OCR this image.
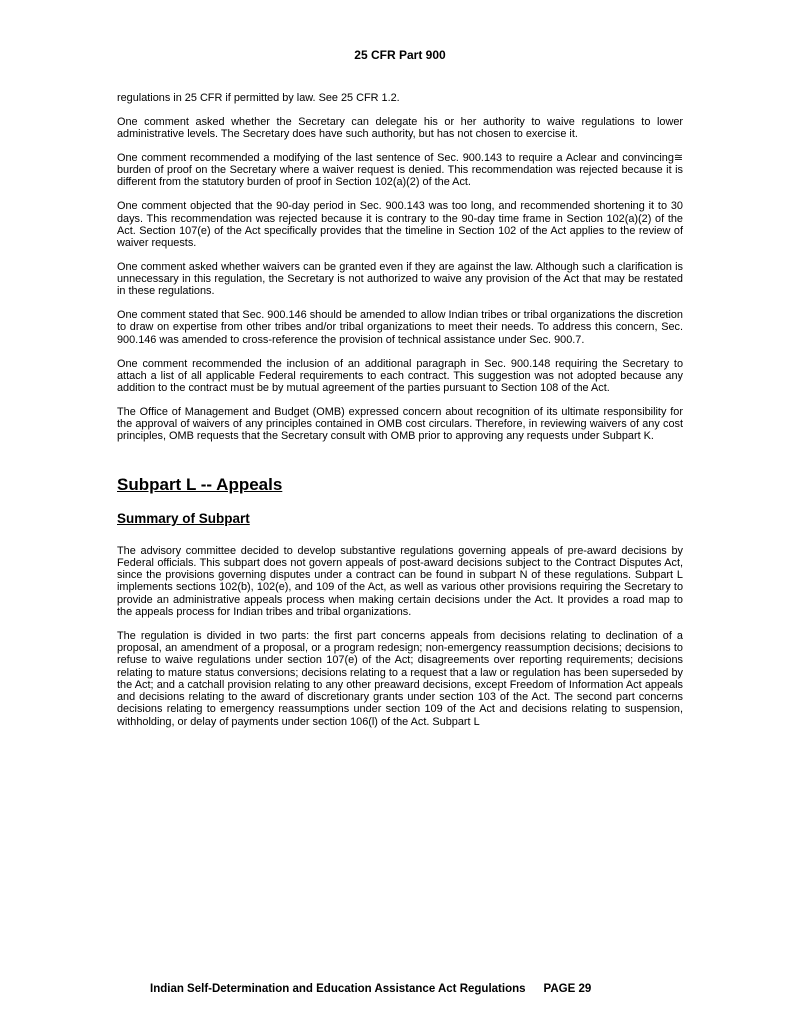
25 CFR Part 900

regulations in 25 CFR if permitted by law. See 25 CFR 1.2.

One comment asked whether the Secretary can delegate his or her authority to waive regulations to lower administrative levels. The Secretary does have such authority, but has not chosen to exercise it.

One comment recommended a modifying of the last sentence of Sec. 900.143 to require a Aclear and convincing≅ burden of proof on the Secretary where a waiver request is denied. This recommendation was rejected because it is different from the statutory burden of proof in Section 102(a)(2) of the Act.

One comment objected that the 90-day period in Sec. 900.143 was too long, and recommended shortening it to 30 days. This recommendation was rejected because it is contrary to the 90-day time frame in Section 102(a)(2) of the Act. Section 107(e) of the Act specifically provides that the timeline in Section 102 of the Act applies to the review of waiver requests.

One comment asked whether waivers can be granted even if they are against the law. Although such a clarification is unnecessary in this regulation, the Secretary is not authorized to waive any provision of the Act that may be restated in these regulations.

One comment stated that Sec. 900.146 should be amended to allow Indian tribes or tribal organizations the discretion to draw on expertise from other tribes and/or tribal organizations to meet their needs. To address this concern, Sec. 900.146 was amended to cross-reference the provision of technical assistance under Sec. 900.7.

One comment recommended the inclusion of an additional paragraph in Sec. 900.148 requiring the Secretary to attach a list of all applicable Federal requirements to each contract. This suggestion was not adopted because any addition to the contract must be by mutual agreement of the parties pursuant to Section 108 of the Act.

The Office of Management and Budget (OMB) expressed concern about recognition of its ultimate responsibility for the approval of waivers of any principles contained in OMB cost circulars. Therefore, in reviewing waivers of any cost principles, OMB requests that the Secretary consult with OMB prior to approving any requests under Subpart K.

Subpart L -- Appeals
Summary of Subpart

The advisory committee decided to develop substantive regulations governing appeals of pre-award decisions by Federal officials. This subpart does not govern appeals of post-award decisions subject to the Contract Disputes Act, since the provisions governing disputes under a contract can be found in subpart N of these regulations. Subpart L implements sections 102(b), 102(e), and 109 of the Act, as well as various other provisions requiring the Secretary to provide an administrative appeals process when making certain decisions under the Act. It provides a road map to the appeals process for Indian tribes and tribal organizations.

The regulation is divided in two parts: the first part concerns appeals from decisions relating to declination of a proposal, an amendment of a proposal, or a program redesign; non-emergency reassumption decisions; decisions to refuse to waive regulations under section 107(e) of the Act; disagreements over reporting requirements; decisions relating to mature status conversions; decisions relating to a request that a law or regulation has been superseded by the Act; and a catchall provision relating to any other preaward decisions, except Freedom of Information Act appeals and decisions relating to the award of discretionary grants under section 103 of the Act. The second part concerns decisions relating to emergency reassumptions under section 109 of the Act and decisions relating to suspension, withholding, or delay of payments under section 106(l) of the Act. Subpart L

Indian Self-Determination and Education Assistance Act Regulations PAGE 29
